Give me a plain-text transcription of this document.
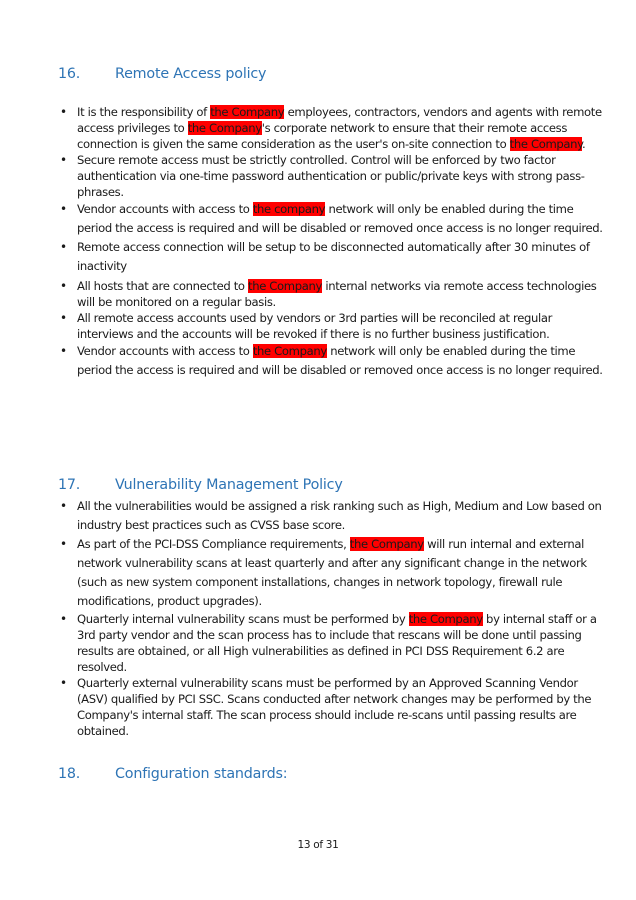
16. Remote Access policy
• It is the responsibility of the Company employees, contractors, vendors and agents with remote access privileges to the Company's corporate network to ensure that their remote access connection is given the same consideration as the user's on-site connection to the Company.
• Secure remote access must be strictly controlled. Control will be enforced by two factor authentication via one-time password authentication or public/private keys with strong pass-phrases.
• Vendor accounts with access to the company network will only be enabled during the time period the access is required and will be disabled or removed once access is no longer required.
• Remote access connection will be setup to be disconnected automatically after 30 minutes of inactivity
• All hosts that are connected to the Company internal networks via remote access technologies will be monitored on a regular basis.
• All remote access accounts used by vendors or 3rd parties will be reconciled at regular interviews and the accounts will be revoked if there is no further business justification.
• Vendor accounts with access to the Company network will only be enabled during the time period the access is required and will be disabled or removed once access is no longer required.
17. Vulnerability Management Policy
• All the vulnerabilities would be assigned a risk ranking such as High, Medium and Low based on industry best practices such as CVSS base score.
• As part of the PCI-DSS Compliance requirements, the Company will run internal and external network vulnerability scans at least quarterly and after any significant change in the network (such as new system component installations, changes in network topology, firewall rule modifications, product upgrades).
• Quarterly internal vulnerability scans must be performed by the Company by internal staff or a 3rd party vendor and the scan process has to include that rescans will be done until passing results are obtained, or all High vulnerabilities as defined in PCI DSS Requirement 6.2 are resolved.
• Quarterly external vulnerability scans must be performed by an Approved Scanning Vendor (ASV) qualified by PCI SSC. Scans conducted after network changes may be performed by the Company's internal staff. The scan process should include re-scans until passing results are obtained.
18. Configuration standards:
13 of 31
